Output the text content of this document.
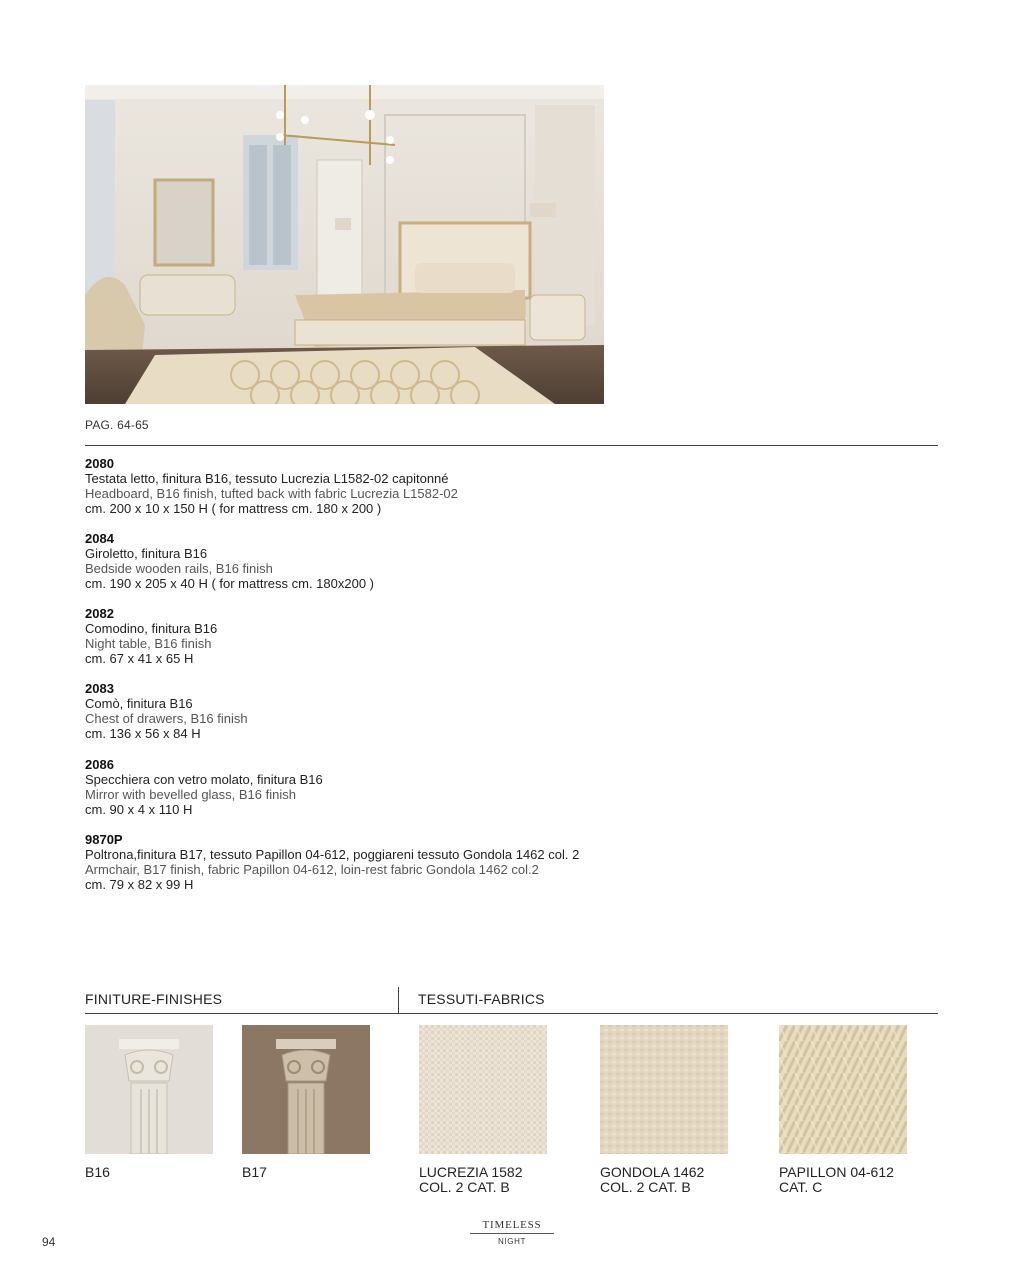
PAG. 64-65
2080
Testata letto, finitura B16, tessuto Lucrezia L1582-02 capitonné
Headboard, B16 finish, tufted back with fabric Lucrezia L1582-02
cm. 200 x 10 x 150 H ( for mattress cm. 180 x 200 )
2084
Giroletto, finitura B16
Bedside wooden rails, B16 finish
cm. 190 x 205 x 40 H ( for mattress cm. 180x200 )
2082
Comodino, finitura B16
Night table, B16 finish
cm. 67 x 41 x 65 H
2083
Comò, finitura B16
Chest of drawers, B16 finish
cm. 136 x 56 x 84 H
2086
Specchiera con vetro molato, finitura B16
Mirror with bevelled glass, B16 finish
cm. 90 x 4 x 110 H
9870P
Poltrona,finitura B17, tessuto Papillon 04-612, poggiareni tessuto Gondola 1462 col. 2
Armchair, B17 finish, fabric Papillon 04-612, loin-rest fabric Gondola 1462 col.2
cm. 79 x 82 x 99 H
FINITURE-FINISHES	TESSUTI-FABRICS
B16	B17	LUCREZIA 1582
COL. 2 CAT. B
GONDOLA 1462
COL. 2 CAT. B
PAPILLON 04-612
CAT. C
94
TIMELESS
NIGHT
